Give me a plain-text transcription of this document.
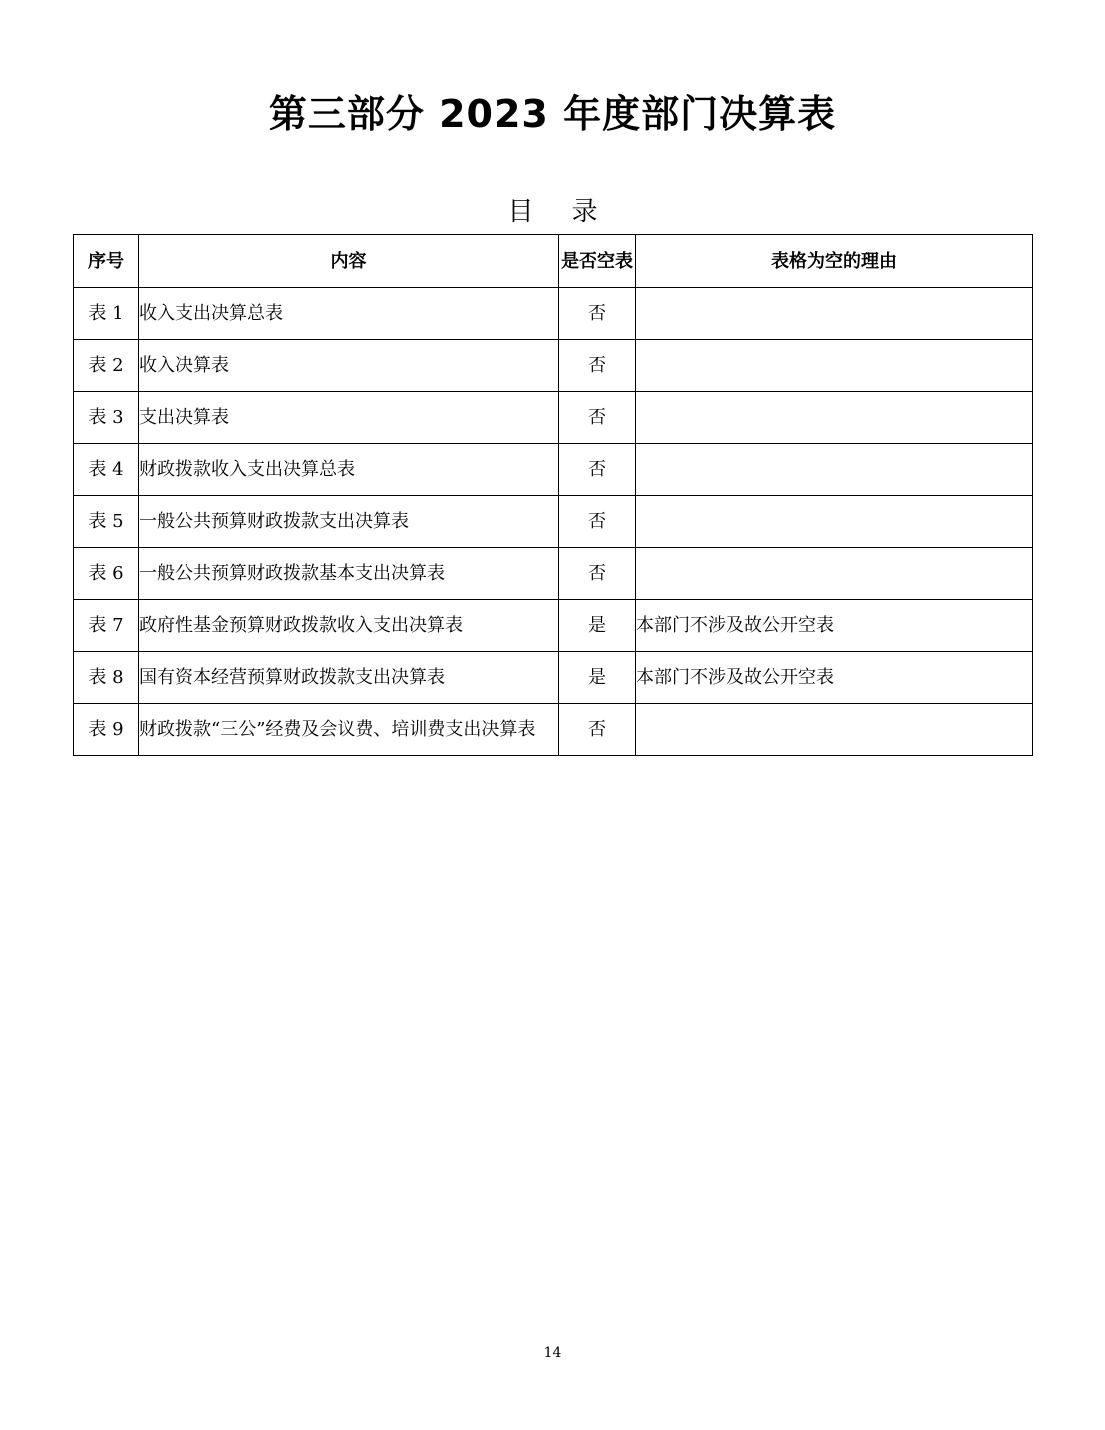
第三部分 2023 年度部门决算表
目录
序号	内容	是否空表	表格为空的理由
表 1	收入支出决算总表	否	
表 2	收入决算表	否	
表 3	支出决算表	否	
表 4	财政拨款收入支出决算总表	否	
表 5	一般公共预算财政拨款支出决算表	否	
表 6	一般公共预算财政拨款基本支出决算表	否	
表 7	政府性基金预算财政拨款收入支出决算表	是	本部门不涉及故公开空表
表 8	国有资本经营预算财政拨款支出决算表	是	本部门不涉及故公开空表
表 9	财政拨款“三公”经费及会议费、培训费支出决算表	否	
14
